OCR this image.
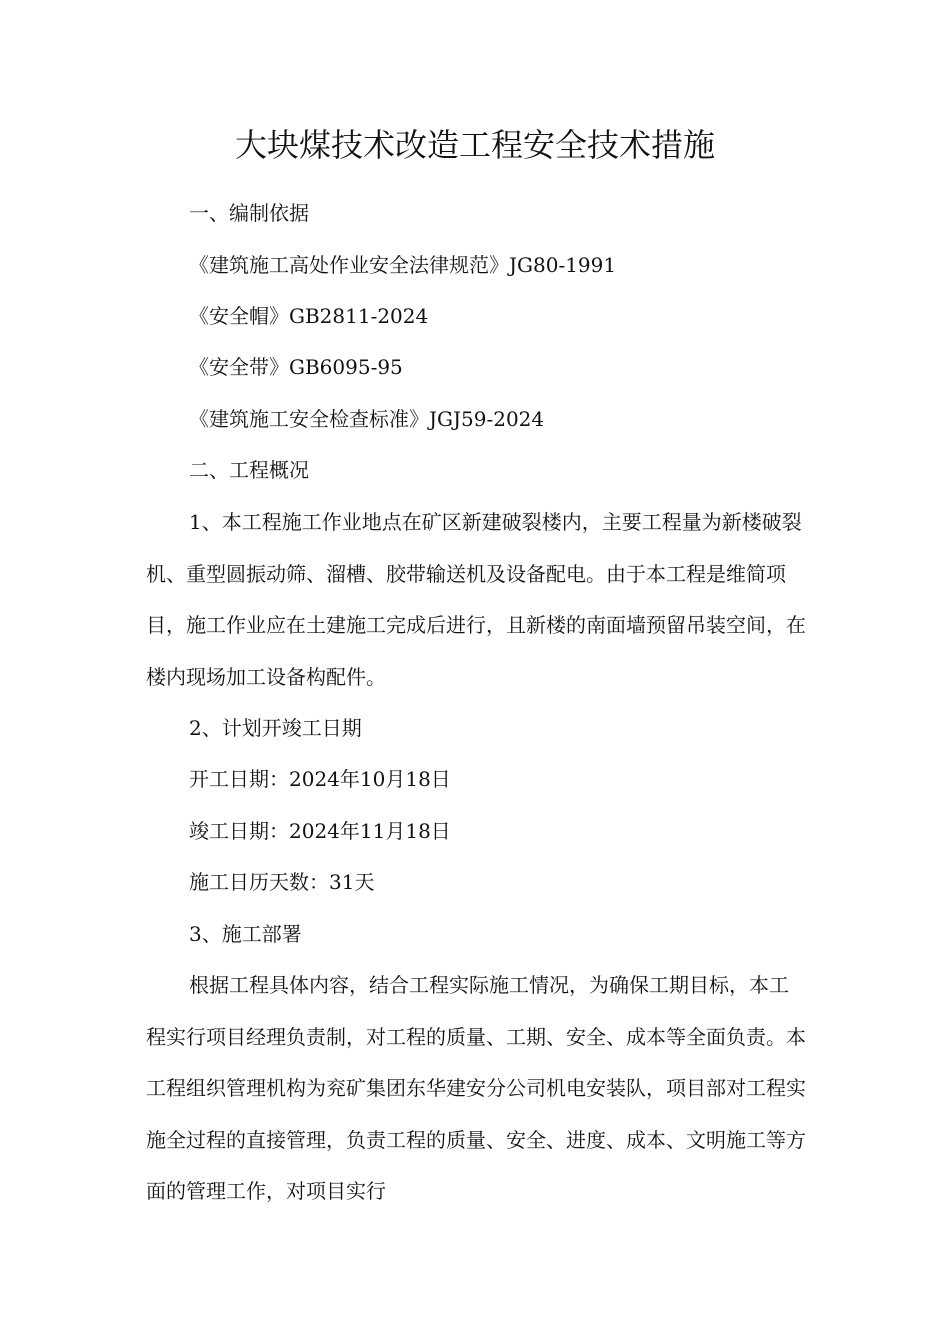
大块煤技术改造工程安全技术措施

一、编制依据

《建筑施工高处作业安全法律规范》JG80-1991

《安全帽》GB2811-2024

《安全带》GB6095-95

《建筑施工安全检查标准》JGJ59-2024

二、工程概况

1、本工程施工作业地点在矿区新建破裂楼内，主要工程量为新楼破裂机、重型圆振动筛、溜槽、胶带输送机及设备配电。由于本工程是维简项目，施工作业应在土建施工完成后进行，且新楼的南面墙预留吊装空间，在楼内现场加工设备构配件。

2、计划开竣工日期

开工日期：2024年10月18日

竣工日期：2024年11月18日

施工日历天数：31天

3、施工部署

根据工程具体内容，结合工程实际施工情况，为确保工期目标，本工程实行项目经理负责制，对工程的质量、工期、安全、成本等全面负责。本工程组织管理机构为兖矿集团东华建安分公司机电安装队，项目部对工程实施全过程的直接管理，负责工程的质量、安全、进度、成本、文明施工等方面的管理工作，对项目实行
